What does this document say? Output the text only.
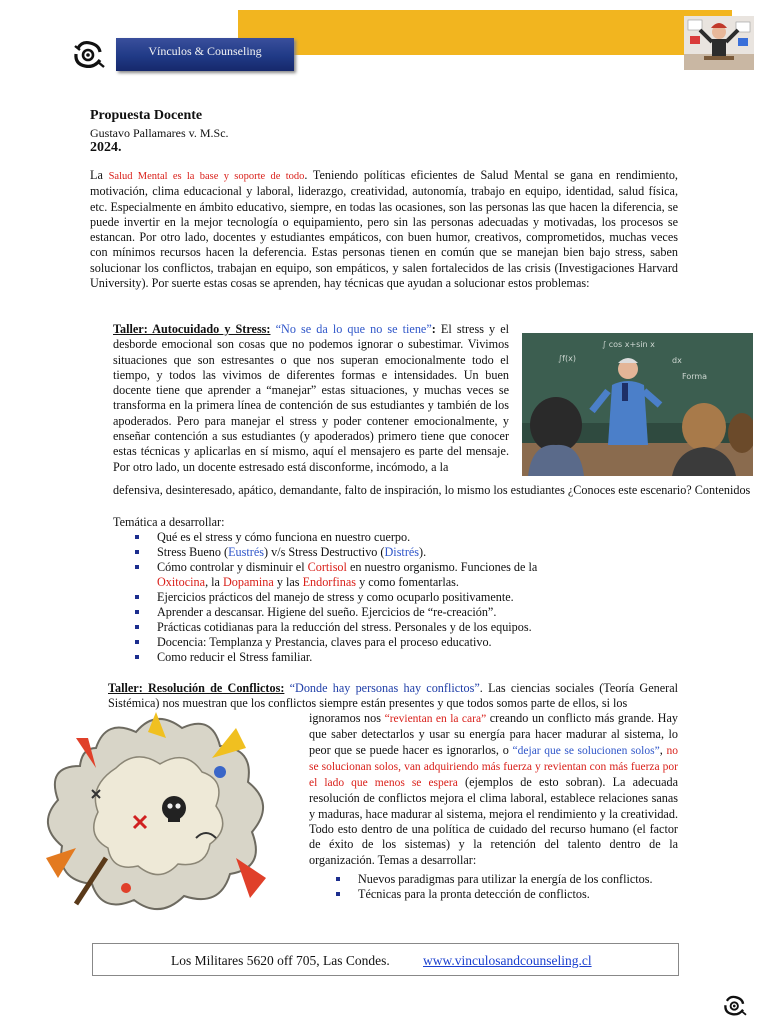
Vínculos & Counseling
Propuesta Docente
Gustavo Pallamares v. M.Sc.
2024.
La Salud Mental es la base y soporte de todo. Teniendo políticas eficientes de Salud Mental se gana en rendimiento, motivación, clima educacional y laboral, liderazgo, creatividad, autonomía, trabajo en equipo, identidad, salud física, etc. Especialmente en ámbito educativo, siempre, en todas las ocasiones, son las personas las que hacen la diferencia, se puede invertir en la mejor tecnología o equipamiento, pero sin las personas adecuadas y motivadas, los procesos se estancan. Por otro lado, docentes y estudiantes empáticos, con buen humor, creativos, comprometidos, muchas veces con mínimos recursos hacen la deferencia. Estas personas tienen en común que se manejan bien bajo stress, saben solucionar los conflictos, trabajan en equipo, son empáticos, y salen fortalecidos de las crisis (Investigaciones Harvard University). Por suerte estas cosas se aprenden, hay técnicas que ayudan a solucionar estos problemas:
Taller: Autocuidado y Stress: “No se da lo que no se tiene”: El stress y el desborde emocional son cosas que no podemos ignorar o subestimar. Vivimos situaciones que son estresantes o que nos superan emocionalmente todo el tiempo, y todos las vivimos de diferentes formas e intensidades. Un buen docente tiene que aprender a “manejar” estas situaciones, y muchas veces se transforma en la primera línea de contención de sus estudiantes y también de los apoderados. Pero para manejar el stress y poder contener emocionalmente, y enseñar contención a sus estudiantes (y apoderados) primero tiene que conocer estas técnicas y aplicarlas en sí mismo, aquí el mensajero es parte del mensaje. Por otro lado, un docente estresado está disconforme, incómodo, a la
∫ cos x+sin x
dx
∫f(x)
Forma
defensiva, desinteresado, apático, demandante, falto de inspiración, lo mismo los estudiantes ¿Conoces este escenario? Contenidos
Temática a desarrollar:
Qué es el stress y cómo funciona en nuestro cuerpo.
Stress Bueno (Eustrés) v/s Stress Destructivo (Distrés).
Cómo controlar y disminuir el Cortisol en nuestro organismo. Funciones de la Oxitocina, la Dopamina y las Endorfinas y como fomentarlas.
Ejercicios prácticos del manejo de stress y como ocuparlo positivamente.
Aprender a descansar. Higiene del sueño. Ejercicios de “re-creación”.
Prácticas cotidianas para la reducción del stress. Personales y de los equipos.
Docencia: Templanza y Prestancia, claves para el proceso educativo.
Como reducir el Stress familiar.
Taller: Resolución de Conflictos: “Donde hay personas hay conflictos”. Las ciencias sociales (Teoría General Sistémica) nos muestran que los conflictos siempre están presentes y que todos somos parte de ellos, si los
ignoramos nos “revientan en la cara” creando un conflicto más grande. Hay que saber detectarlos y usar su energía para hacer madurar al sistema, lo peor que se puede hacer es ignorarlos, o “dejar que se solucionen solos”, no se solucionan solos, van adquiriendo más fuerza y revientan con más fuerza por el lado que menos se espera (ejemplos de esto sobran). La adecuada resolución de conflictos mejora el clima laboral, establece relaciones sanas y maduras, hace madurar al sistema, mejora el rendimiento y la creatividad. Todo esto dentro de una política de cuidado del recurso humano (el factor de éxito de los sistemas) y la retención del talento dentro de la organización. Temas a desarrollar:
Nuevos paradigmas para utilizar la energía de los conflictos.
Técnicas para la pronta detección de conflictos.
Los Militares 5620 off 705, Las Condes. www.vinculosandcounseling.cl
